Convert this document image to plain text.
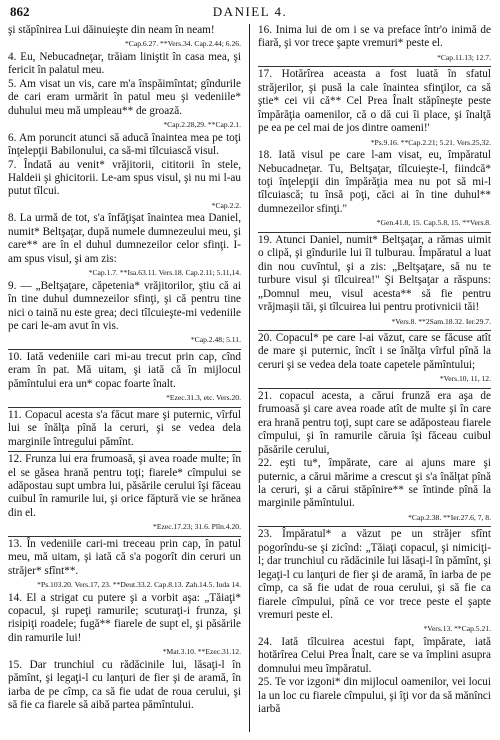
862	DANIEL 4.

şi stăpînirea Lui dăinuieşte din neam în neam!

*Cap.6.27. **Vers.34. Cap.2.44; 6.26.

4. Eu, Nebucadneţar, trăiam liniştit în casa mea, şi fericit în palatul meu.

5. Am visat un vis, care m'a înspăimîntat; gîndurile de cari eram urmărit în patul meu şi vedeniile* duhului meu mă umpleau** de groază.

*Cap.2.28,29. **Cap.2.1.

6. Am poruncit atunci să aducă înaintea mea pe toţi înţelepţii Babilonului, ca să-mi tîlcuiască visul.

7. Îndată au venit* vrăjitorii, cititorii în stele, Haldeii şi ghicitorii. Le-am spus visul, şi nu mi l-au putut tîlcui.

*Cap.2.2.

8. La urmă de tot, s'a înfăţişat înaintea mea Daniel, numit* Beltşaţar, după numele dumnezeului meu, şi care** are în el duhul dumnezeilor celor sfinţi. I-am spus visul, şi am zis:

*Cap.1.7. **Isa.63.11. Vers.18. Cap.2.11; 5.11,14.

9. — „Beltşaţare, căpetenia* vrăjitorilor, ştiu că ai în tine duhul dumnezeilor sfinţi, şi că pentru tine nici o taină nu este grea; deci tîlcuieşte-mi vedeniile pe cari le-am avut în vis.

*Cap.2.48; 5.11.

10. Iată vedeniile cari mi-au trecut prin cap, cînd eram în pat. Mă uitam, şi iată că în mijlocul pămîntului era un* copac foarte înalt.

*Ezec.31.3, etc. Vers.20.

11. Copacul acesta s'a făcut mare şi puternic, vîrful lui se înălţa pînă la ceruri, şi se vedea dela marginile întregului pămînt.

12. Frunza lui era frumoasă, şi avea roade multe; în el se găsea hrană pentru toţi; fiarele* cîmpului se adăpostau supt umbra lui, păsările cerului îşi făceau cuibul în ramurile lui, şi orice făptură vie se hrănea din el.

*Ezec.17.23; 31.6. Plîn.4.20.

13. În vedeniile cari-mi treceau prin cap, în patul meu, mă uitam, şi iată că s'a pogorît din ceruri un străjer* sfînt**.

*Ps.103.20. Vers.17, 23. **Deut.33.2. Cap.8.13. Zah.14.5. Iuda 14.

14. El a strigat cu putere şi a vorbit aşa: „Tăiaţi* copacul, şi rupeţi ramurile; scuturaţi-i frunza, şi risipiţi roadele; fugă** fiarele de supt el, şi păsările din ramurile lui!

*Mat.3.10. **Ezec.31.12.

15. Dar trunchiul cu rădăcinile lui, lăsaţi-l în pămînt, şi legaţi-l cu lanţuri de fier şi de aramă, în iarba de pe cîmp, ca să fie udat de roua cerului, şi să fie ca fiarele să aibă partea pămîntului.

16. Inima lui de om i se va preface într'o inimă de fiară, şi vor trece şapte vremuri* peste el.

*Cap.11.13; 12.7.

17. Hotărîrea aceasta a fost luată în sfatul străjerilor, şi pusă la cale înaintea sfinţilor, ca să ştie* cei vii că** Cel Prea Înalt stăpîneşte peste împărăţia oamenilor, că o dă cui îi place, şi înalţă pe ea pe cel mai de jos dintre oameni!'

*Ps.9.16. **Cap.2.21; 5.21. Vers.25,32.

18. Iată visul pe care l-am visat, eu, împăratul Nebucadneţar. Tu, Beltşaţar, tîlcuieşte-l, fiindcă* toţi înţelepţii din împărăţia mea nu pot să mi-l tîlcuiască; tu însă poţi, căci ai în tine duhul** dumnezeilor sfinţi."

*Gen.41.8, 15. Cap.5.8, 15. **Vers.8.

19. Atunci Daniel, numit* Beltşaţar, a rămas uimit o clipă, şi gîndurile lui îl tulburau. Împăratul a luat din nou cuvîntul, şi a zis: „Beltşaţare, să nu te turbure visul şi tîlcuirea!" Şi Beltşaţar a răspuns: „Domnul meu, visul acesta** să fie pentru vrăjmaşii tăi, şi tîlcuirea lui pentru protivnicii tăi!

*Vers.8. **2Sam.18.32. Ier.29.7.

20. Copacul* pe care l-ai văzut, care se făcuse atît de mare şi puternic, încît i se înălţa vîrful pînă la ceruri şi se vedea dela toate capetele pămîntului;

*Vers.10, 11, 12.

21. copacul acesta, a cărui frunză era aşa de frumoasă şi care avea roade atît de multe şi în care era hrană pentru toţi, supt care se adăposteau fiarele cîmpului, şi în ramurile căruia îşi făceau cuibul păsările cerului,

22. eşti tu*, împărate, care ai ajuns mare şi puternic, a cărui mărime a crescut şi s'a înălţat pînă la ceruri, şi a cărui stăpînire** se întinde pînă la marginile pămîntului.

*Cap.2.38. **Ier.27.6, 7, 8.

23. Împăratul* a văzut pe un străjer sfînt pogorîndu-se şi zicînd: „Tăiaţi copacul, şi nimiciţi-l; dar trunchiul cu rădăcinile lui lăsaţi-l în pămînt, şi legaţi-l cu lanţuri de fier şi de aramă, în iarba de pe cîmp, ca să fie udat de roua cerului, şi să fie ca fiarele cîmpului, pînă ce vor trece peste el şapte vremuri peste el.

*Vers.13. **Cap.5.21.

24. Iată tîlcuirea acestui fapt, împărate, iată hotărîrea Celui Prea Înalt, care se va împlini asupra domnului meu împăratul.

25. Te vor izgoni* din mijlocul oamenilor, vei locui la un loc cu fiarele cîmpului, şi îţi vor da să mănînci iarbă
